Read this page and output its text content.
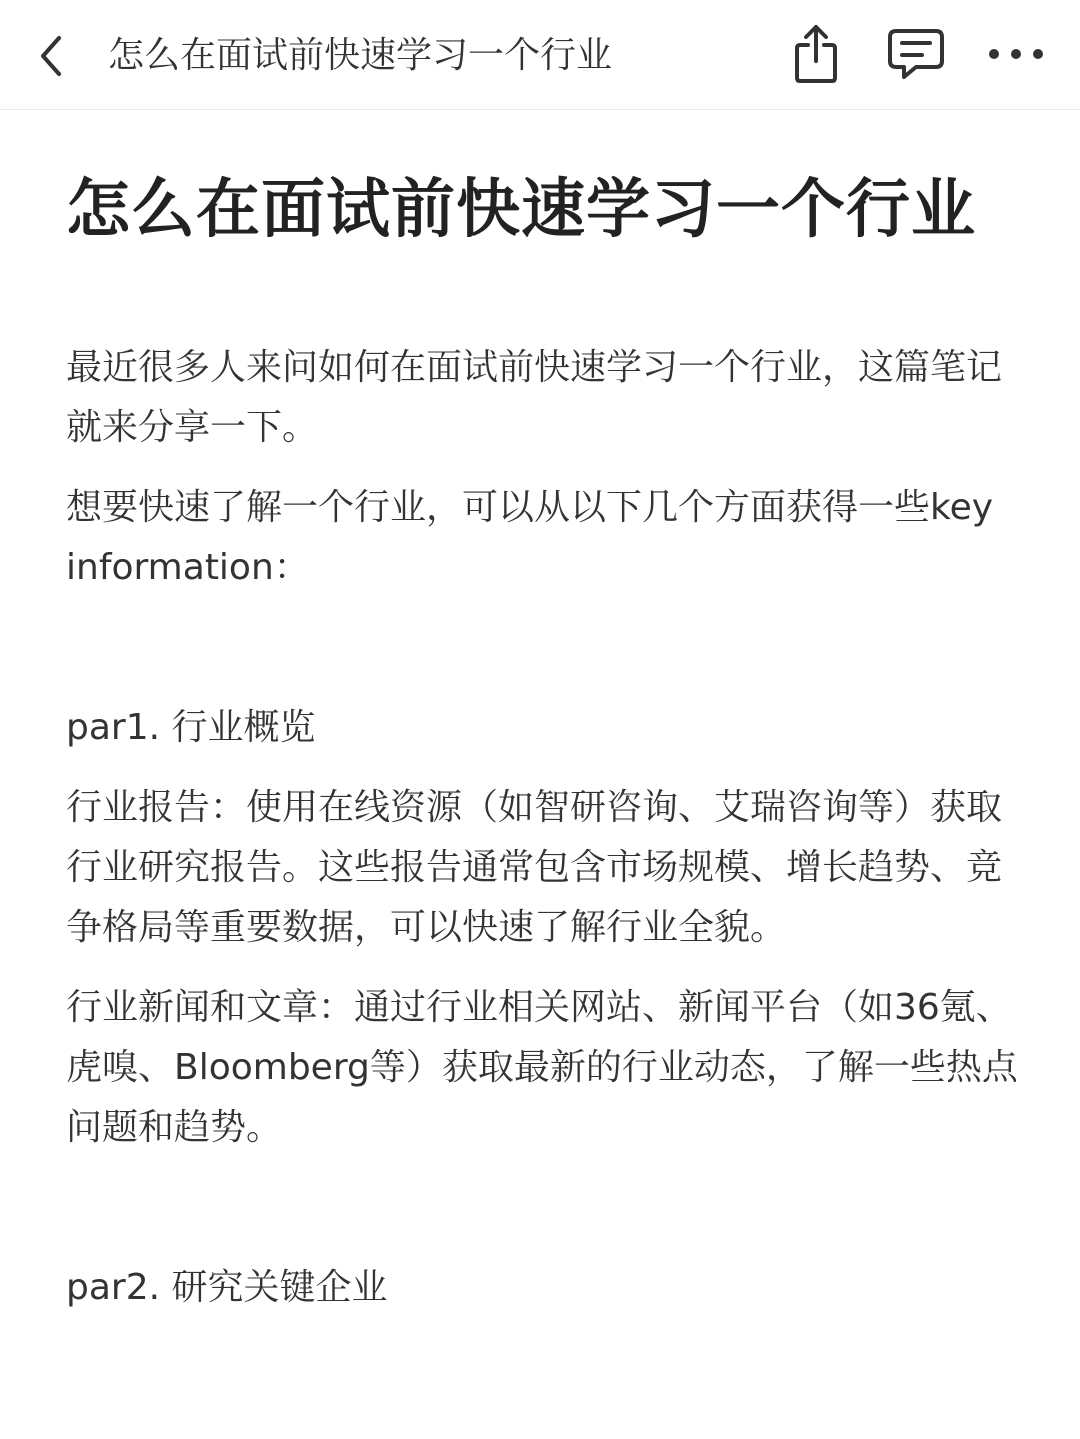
怎么在面试前快速学习一个行业
怎么在面试前快速学习一个行业
最近很多人来问如何在面试前快速学习一个行业，这篇笔记就来分享一下。
想要快速了解一个行业，可以从以下几个方面获得一些key information：
par1. 行业概览
行业报告：使用在线资源（如智研咨询、艾瑞咨询等）获取行业研究报告。这些报告通常包含市场规模、增长趋势、竞争格局等重要数据，可以快速了解行业全貌。
行业新闻和文章：通过行业相关网站、新闻平台（如36氪、虎嗅、Bloomberg等）获取最新的行业动态，了解一些热点问题和趋势。
par2. 研究关键企业
